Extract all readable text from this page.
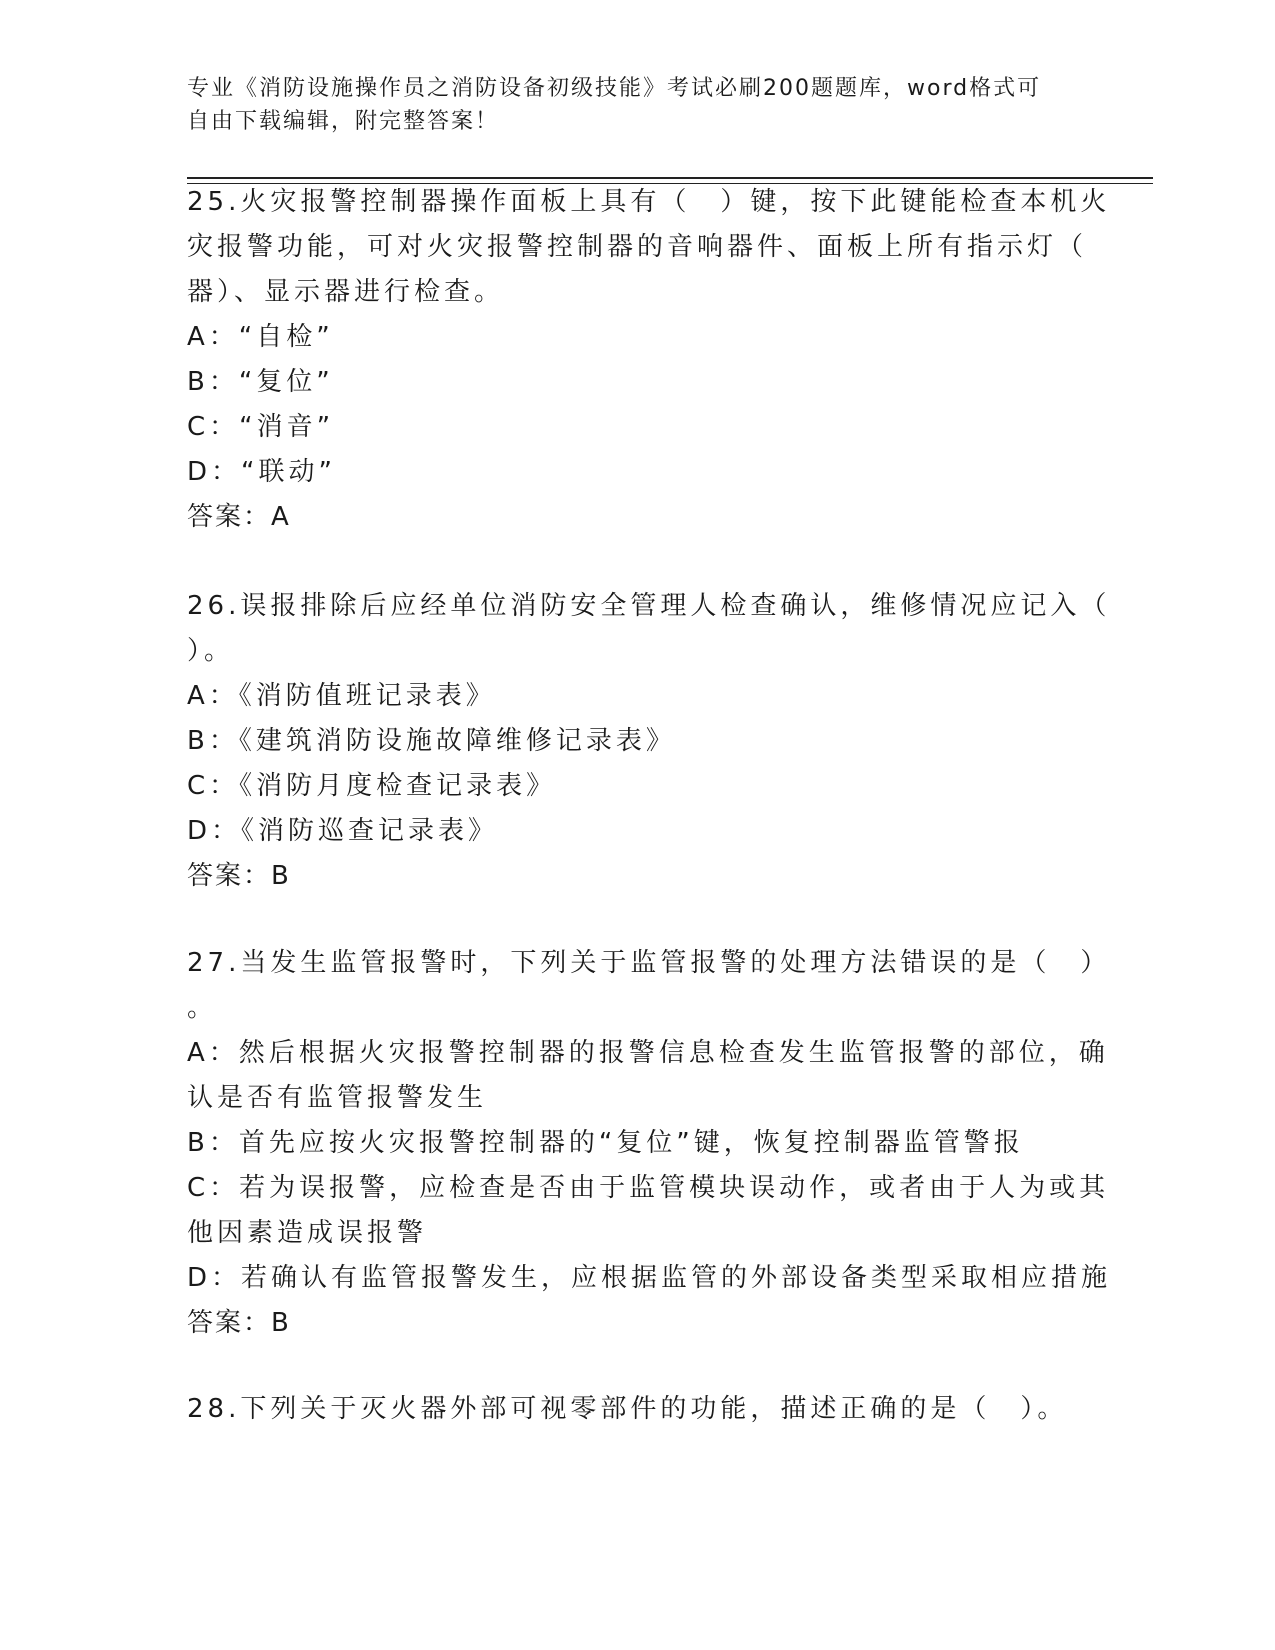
专业《消防设施操作员之消防设备初级技能》考试必刷200题题库，word格式可
自由下载编辑，附完整答案！
25.火灾报警控制器操作面板上具有（　）键，按下此键能检查本机火
灾报警功能，可对火灾报警控制器的音响器件、面板上所有指示灯（
器）、显示器进行检查。
A：“自检”
B：“复位”
C：“消音”
D：“联动”
答案：A
26.误报排除后应经单位消防安全管理人检查确认，维修情况应记入（
）。
A：《消防值班记录表》
B：《建筑消防设施故障维修记录表》
C：《消防月度检查记录表》
D：《消防巡查记录表》
答案：B
27.当发生监管报警时，下列关于监管报警的处理方法错误的是（　）
。
A：然后根据火灾报警控制器的报警信息检查发生监管报警的部位，确
认是否有监管报警发生
B：首先应按火灾报警控制器的“复位”键，恢复控制器监管警报
C：若为误报警，应检查是否由于监管模块误动作，或者由于人为或其
他因素造成误报警
D：若确认有监管报警发生，应根据监管的外部设备类型采取相应措施
答案：B
28.下列关于灭火器外部可视零部件的功能，描述正确的是（　）。
